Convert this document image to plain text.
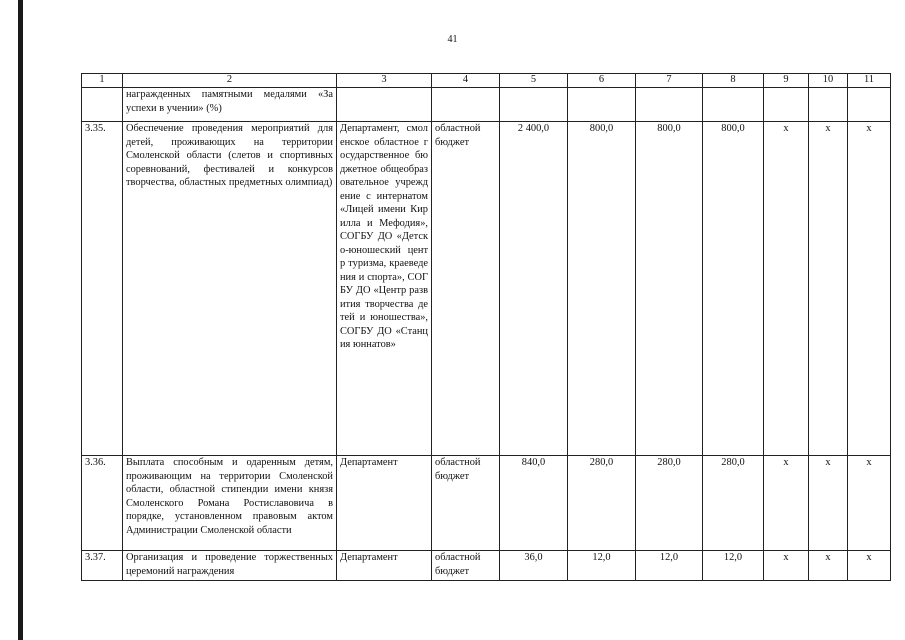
41
1	2	3	4	5	6	7	8	9	10	11
	награжденных памятными медалями «За успехи в учении» (%)									
3.35.	Обеспечение проведения мероприятий для детей, проживающих на территории Смоленской области (слетов и спортивных соревнований, фестивалей и конкурсов творчества, областных предметных олимпиад)	Департамент, смоленское областное государственное бюджетное общеобразовательное учреждение с интернатом «Лицей имени Кирилла и Мефодия», СОГБУ ДО «Детско-юношеский центр туризма, краеведения и спорта», СОГБУ ДО «Центр развития творчества детей и юношества», СОГБУ ДО «Станция юннатов»	областной бюджет	2 400,0	800,0	800,0	800,0	х	х	х
3.36.	Выплата способным и одаренным детям, проживающим на территории Смоленской области, областной стипендии имени князя Смоленского Романа Ростиславовича в порядке, установленном правовым актом Администрации Смоленской области	Департамент	областной бюджет	840,0	280,0	280,0	280,0	х	х	х
3.37.	Организация и проведение торжественных церемоний награждения	Департамент	областной бюджет	36,0	12,0	12,0	12,0	х	х	х
